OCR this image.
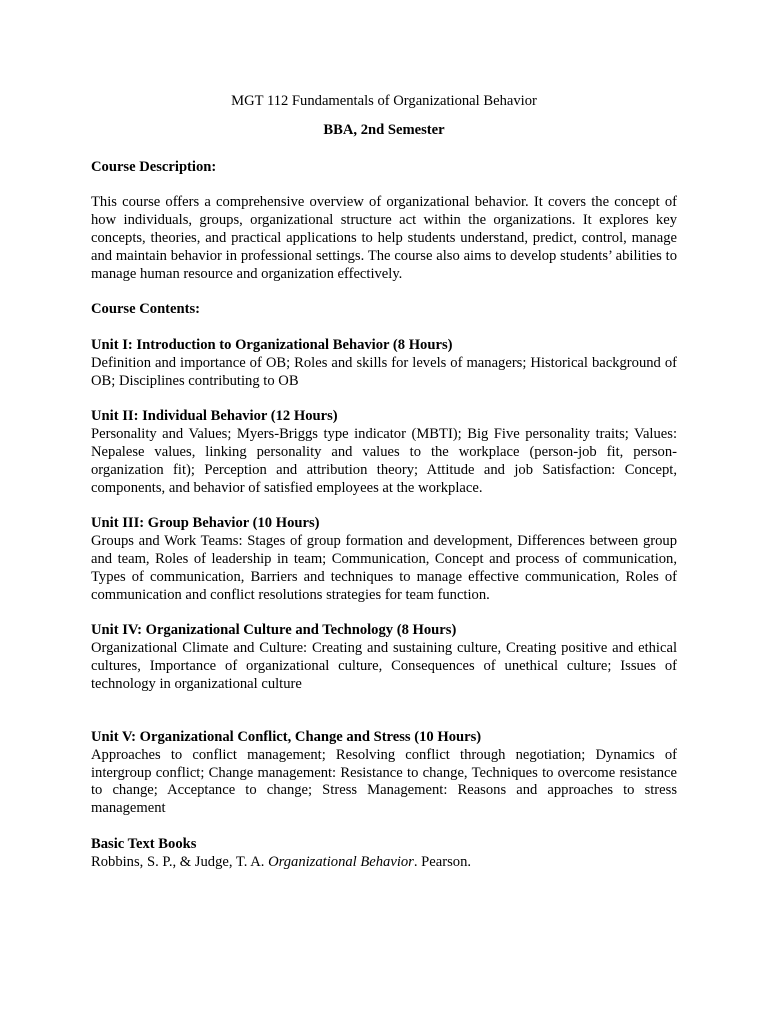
MGT 112 Fundamentals of Organizational Behavior
BBA, 2nd Semester
Course Description:
This course offers a comprehensive overview of organizational behavior. It covers the concept of how individuals, groups, organizational structure act within the organizations. It explores key concepts, theories, and practical applications to help students understand, predict, control, manage and maintain behavior in professional settings. The course also aims to develop students’ abilities to manage human resource and organization effectively.
Course Contents:
Unit I: Introduction to Organizational Behavior (8 Hours)
Definition and importance of OB; Roles and skills for levels of managers; Historical background of OB; Disciplines contributing to OB
Unit II: Individual Behavior (12 Hours)
Personality and Values; Myers-Briggs type indicator (MBTI); Big Five personality traits; Values: Nepalese values, linking personality and values to the workplace (person-job fit, person-organization fit); Perception and attribution theory; Attitude and job Satisfaction: Concept, components, and behavior of satisfied employees at the workplace.
Unit III: Group Behavior (10 Hours)
Groups and Work Teams: Stages of group formation and development, Differences between group and team, Roles of leadership in team; Communication, Concept and process of communication, Types of communication, Barriers and techniques to manage effective communication, Roles of communication and conflict resolutions strategies for team function.
Unit IV: Organizational Culture and Technology (8 Hours)
Organizational Climate and Culture: Creating and sustaining culture, Creating positive and ethical cultures, Importance of organizational culture, Consequences of unethical culture; Issues of technology in organizational culture
Unit V: Organizational Conflict, Change and Stress (10 Hours)
Approaches to conflict management; Resolving conflict through negotiation; Dynamics of intergroup conflict; Change management: Resistance to change, Techniques to overcome resistance to change; Acceptance to change; Stress Management: Reasons and approaches to stress management
Basic Text Books
Robbins, S. P., & Judge, T. A. Organizational Behavior. Pearson.
